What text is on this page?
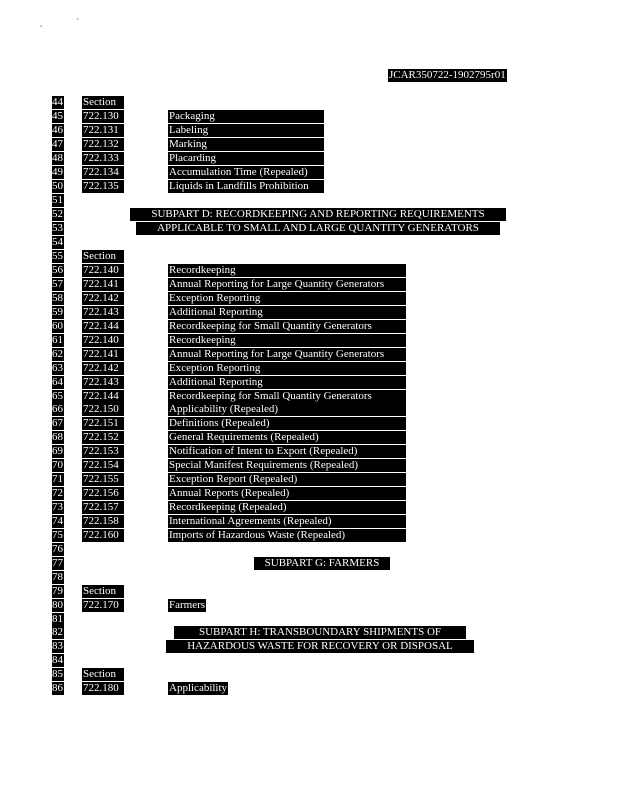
'
`
JCAR350722-1902795r01
44 Section
45 722.130	Packaging
46 722.131	Labeling
47 722.132	Marking
48 722.133	Placarding
49 722.134	Accumulation Time (Repealed)
50 722.135	Liquids in Landfills Prohibition
51
52
53
54
SUBPART D: RECORDKEEPING AND REPORTING REQUIREMENTS
APPLICABLE TO SMALL AND LARGE QUANTITY GENERATORS
55 Section
56 722.140	Recordkeeping
57 722.141	Annual Reporting for Large Quantity Generators
58 722.142	Exception Reporting
59 722.143	Additional Reporting
60 722.144	Recordkeeping for Small Quantity Generators
61 722.140	Recordkeeping
62 722.141	Annual Reporting for Large Quantity Generators
63 722.142	Exception Reporting
64 722.143	Additional Reporting
65 722.144	Recordkeeping for Small Quantity Generators
66 722.150	Applicability (Repealed)
67 722.151	Definitions (Repealed)
68 722.152	General Requirements (Repealed)
69 722.153	Notification of Intent to Export (Repealed)
70 722.154	Special Manifest Requirements (Repealed)
71 722.155	Exception Report (Repealed)
72 722.156	Annual Reports (Repealed)
73 722.157	Recordkeeping (Repealed)
74 722.158	International Agreements (Repealed)
75 722.160	Imports of Hazardous Waste (Repealed)
76
77
78
SUBPART G: FARMERS
79 Section
80 722.170	Farmers
81
82
83
84
SUBPART H: TRANSBOUNDARY SHIPMENTS OF
HAZARDOUS WASTE FOR RECOVERY OR DISPOSAL
85 Section
86 722.180	Applicability
